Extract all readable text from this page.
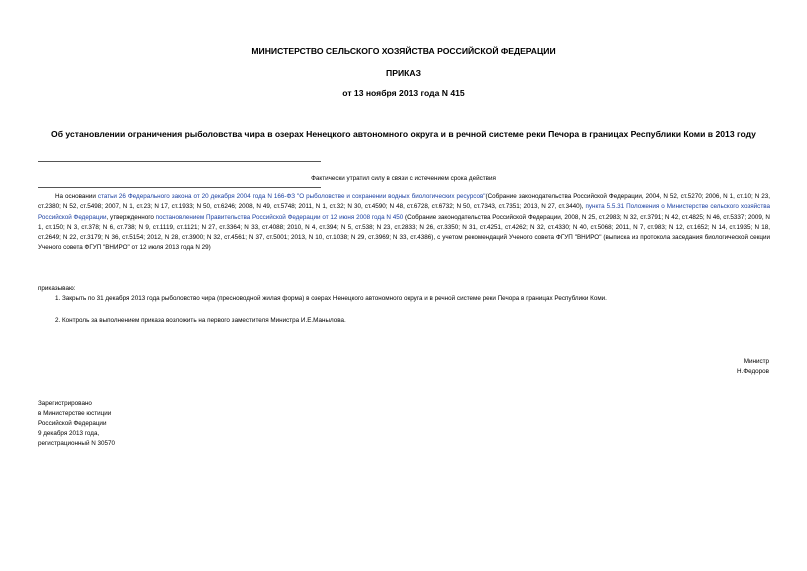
МИНИСТЕРСТВО СЕЛЬСКОГО ХОЗЯЙСТВА РОССИЙСКОЙ ФЕДЕРАЦИИ
ПРИКАЗ
от 13 ноября 2013 года N 415
Об установлении ограничения рыболовства чира в озерах Ненецкого автономного округа и в речной системе реки Печора в границах Республики Коми в 2013 году
Фактически утратил силу в связи с истечением срока действия
На основании статьи 26 Федерального закона от 20 декабря 2004 года N 166-ФЗ "О рыболовстве и сохранении водных биологических ресурсов"(Собрание законодательства Российской Федерации, 2004, N 52, ст.5270; 2006, N 1, ст.10; N 23, ст.2380; N 52, ст.5498; 2007, N 1, ст.23; N 17, ст.1933; N 50, ст.6246; 2008, N 49, ст.5748; 2011, N 1, ст.32; N 30, ст.4590; N 48, ст.6728, ст.6732; N 50, ст.7343, ст.7351; 2013, N 27, ст.3440), пункта 5.5.31 Положения о Министерстве сельского хозяйства Российской Федерации, утвержденного постановлением Правительства Российской Федерации от 12 июня 2008 года N 450 (Собрание законодательства Российской Федерации, 2008, N 25, ст.2983; N 32, ст.3791; N 42, ст.4825; N 46, ст.5337; 2009, N 1, ст.150; N 3, ст.378; N 6, ст.738; N 9, ст.1119, ст.1121; N 27, ст.3364; N 33, ст.4088; 2010, N 4, ст.394; N 5, ст.538; N 23, ст.2833; N 26, ст.3350; N 31, ст.4251, ст.4262; N 32, ст.4330; N 40, ст.5068; 2011, N 7, ст.983; N 12, ст.1652; N 14, ст.1935; N 18, ст.2649; N 22, ст.3179; N 36, ст.5154; 2012, N 28, ст.3900; N 32, ст.4561; N 37, ст.5001; 2013, N 10, ст.1038; N 29, ст.3969; N 33, ст.4386), с учетом рекомендаций Ученого совета ФГУП "ВНИРО" (выписка из протокола заседания биологической секции Ученого совета ФГУП "ВНИРО" от 12 июля 2013 года N 29)
приказываю:
1. Закрыть по 31 декабря 2013 года рыболовство чира (пресноводной жилая форма) в озерах Ненецкого автономного округа и в речной системе реки Печора в границах Республики Коми.
2. Контроль за выполнением приказа возложить на первого заместителя Министра И.Е.Манылова.
Министр
Н.Федоров
Зарегистрировано
в Министерстве юстиции
Российской Федерации
9 декабря 2013 года,
регистрационный N 30570
